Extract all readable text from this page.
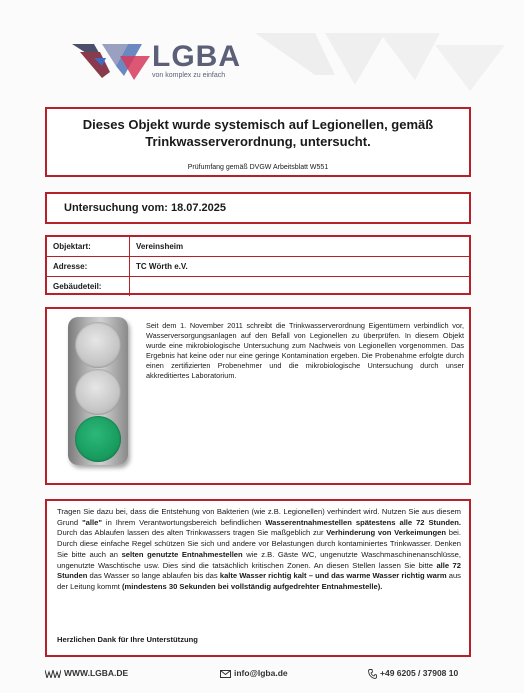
LGBA
von komplex zu einfach
Dieses Objekt wurde systemisch auf Legionellen, gemäß Trinkwasserverordnung, untersucht.
Prüfumfang gemäß DVGW Arbeitsblatt W551
Untersuchung vom: 18.07.2025
Objektart:	Vereinsheim
Adresse:	TC Wörth e.V.
Gebäudeteil:	
Seit dem 1. November 2011 schreibt die Trinkwasserverordnung Eigentümern verbindlich vor, Wasserversorgungsanlagen auf den Befall von Legionellen zu überprüfen. In diesem Objekt wurde eine mikrobiologische Untersuchung zum Nachweis von Legionellen vorgenommen. Das Ergebnis hat keine oder nur eine geringe Kontamination ergeben. Die Probenahme erfolgte durch einen zertifizierten Probenehmer und die mikrobiologische Untersuchung durch unser akkreditiertes Laboratorium.
Tragen Sie dazu bei, dass die Entstehung von Bakterien (wie z.B. Legionellen) verhindert wird. Nutzen Sie aus diesem Grund "alle" in Ihrem Verantwortungsbereich befindlichen Wasserentnahmestellen spätestens alle 72 Stunden. Durch das Ablaufen lassen des alten Trinkwassers tragen Sie maßgeblich zur Verhinderung von Verkeimungen bei. Durch diese einfache Regel schützen Sie sich und andere vor Belastungen durch kontaminiertes Trinkwasser. Denken Sie bitte auch an selten genutzte Entnahmestellen wie z.B. Gäste WC, ungenutzte Waschmaschinenanschlüsse, ungenutzte Waschtische usw. Dies sind die tatsächlich kritischen Zonen. An diesen Stellen lassen Sie bitte alle 72 Stunden das Wasser so lange ablaufen bis das kalte Wasser richtig kalt – und das warme Wasser richtig warm aus der Leitung kommt (mindestens 30 Sekunden bei vollständig aufgedrehter Entnahmestelle).
Herzlichen Dank für Ihre Unterstützung
WWW.LGBA.DE	info@lgba.de	+49 6205 / 37908 10
